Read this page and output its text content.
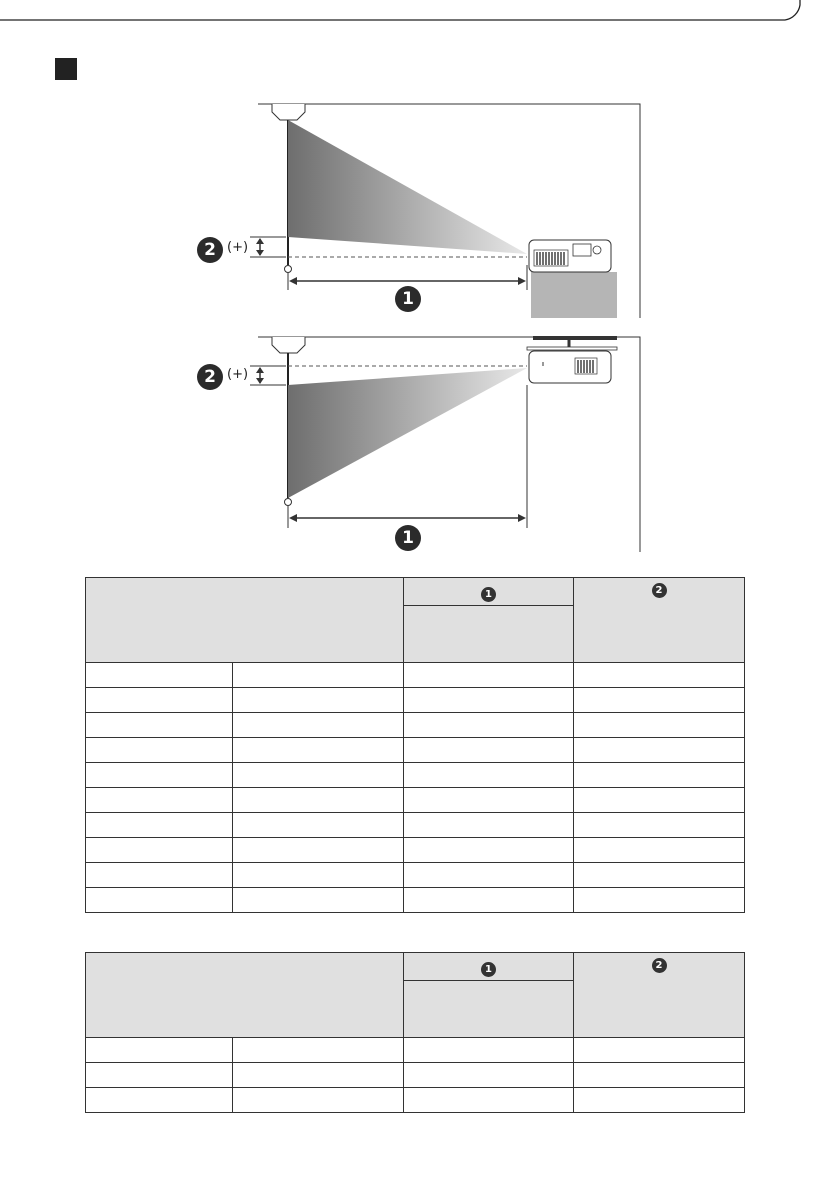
2 (+)
1
2 (+)
1
		1	2

		1	2
